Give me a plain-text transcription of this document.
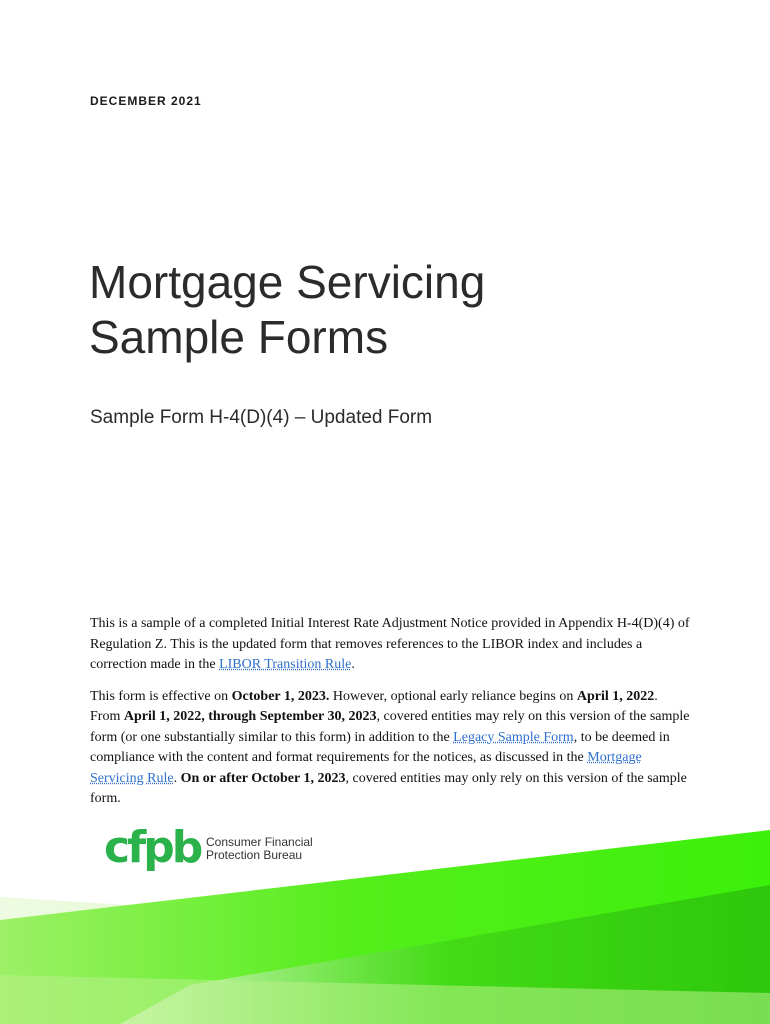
DECEMBER 2021
Mortgage Servicing
Sample Forms
Sample Form H-4(D)(4) – Updated Form

This is a sample of a completed Initial Interest Rate Adjustment Notice provided in Appendix H-4(D)(4) of Regulation Z. This is the updated form that removes references to the LIBOR index and includes a correction made in the LIBOR Transition Rule.

This form is effective on October 1, 2023. However, optional early reliance begins on April 1, 2022. From April 1, 2022, through September 30, 2023, covered entities may rely on this version of the sample form (or one substantially similar to this form) in addition to the Legacy Sample Form, to be deemed in compliance with the content and format requirements for the notices, as discussed in the Mortgage Servicing Rule. On or after October 1, 2023, covered entities may only rely on this version of the sample form.

cfpb Consumer Financial
Protection Bureau
